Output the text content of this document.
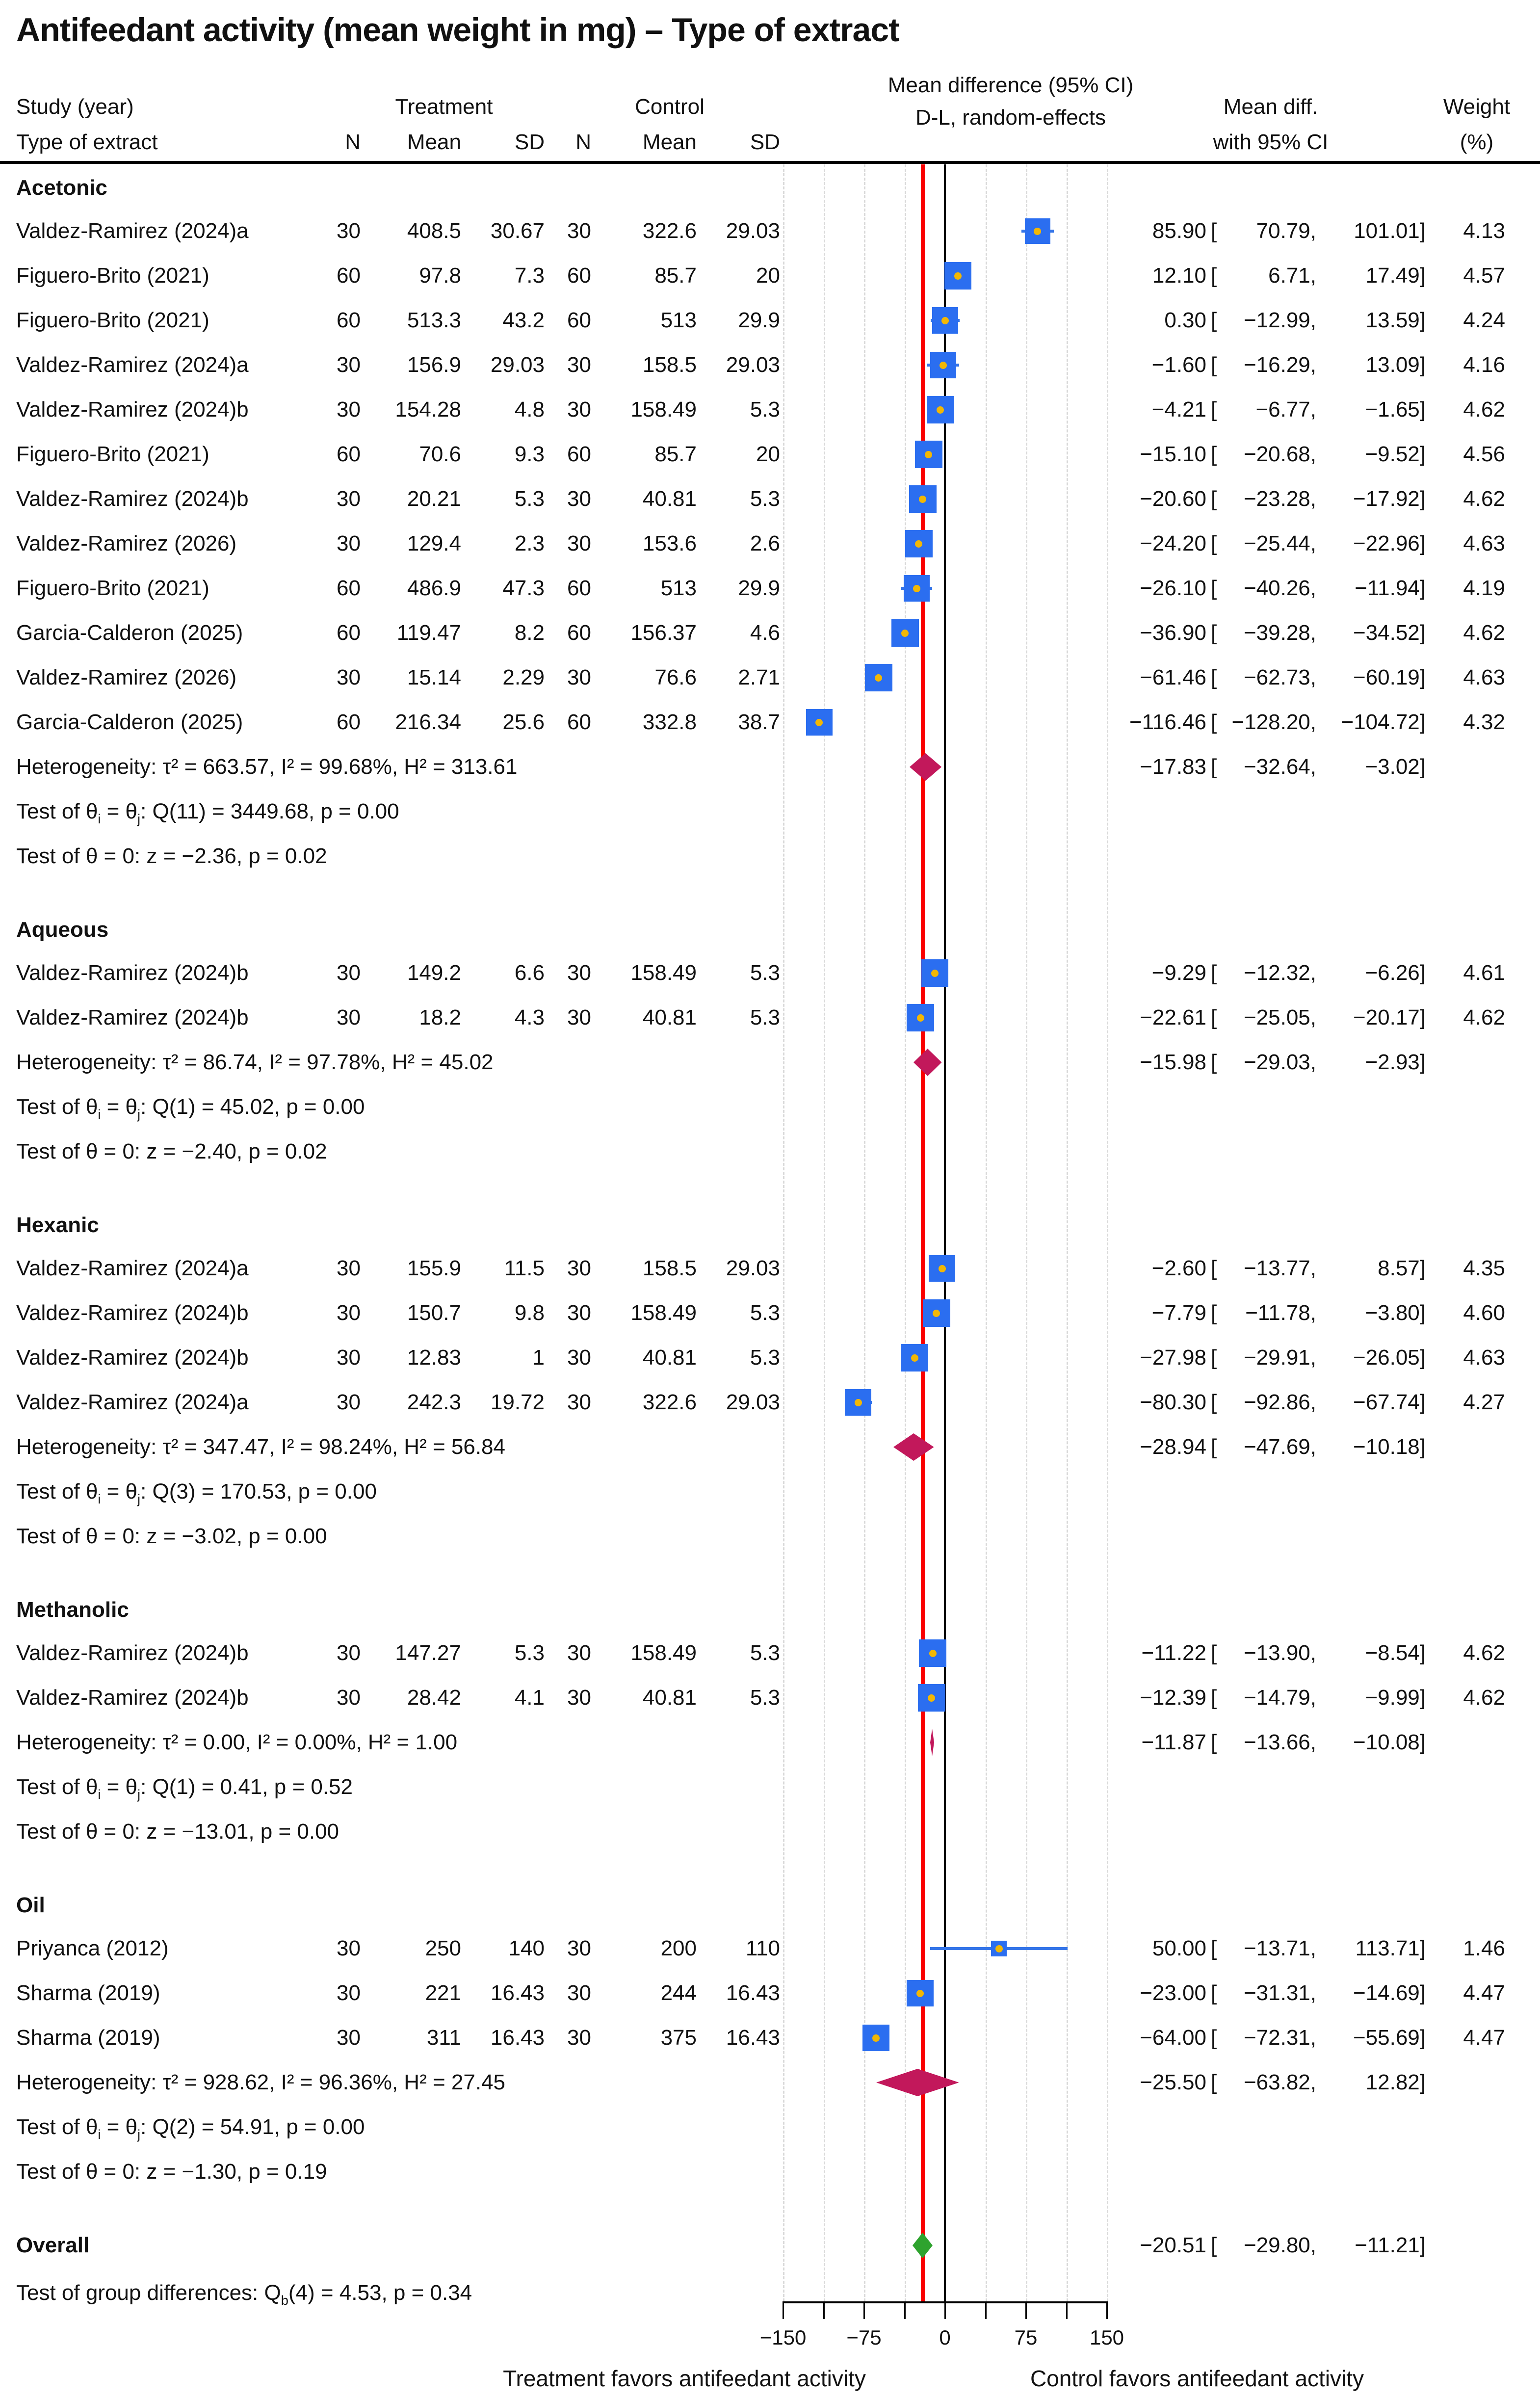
Antifeedant activity (mean weight in mg) – Type of extract
Study (year)
Type of extract
Treatment	Control
N	Mean	SD	N	Mean	SD
Mean difference (95% CI)
D-L, random-effects	Mean diff.
with 95% CI
Weight
(%)
Acetonic
Valdez-Ramirez (2024)a	30	408.5	30.67	30	322.6	29.03	85.90 [	70.79,	101.01]	4.13
Figuero-Brito (2021)	60	97.8	7.3	60	85.7	20	12.10 [	6.71,	17.49]	4.57
Figuero-Brito (2021)	60	513.3	43.2	60	513	29.9	0.30 [	−12.99,	13.59]	4.24
Valdez-Ramirez (2024)a	30	156.9	29.03	30	158.5	29.03	−1.60 [	−16.29,	13.09]	4.16
Valdez-Ramirez (2024)b	30	154.28	4.8	30	158.49	5.3	−4.21 [	−6.77,	−1.65]	4.62
Figuero-Brito (2021)	60	70.6	9.3	60	85.7	20	−15.10 [	−20.68,	−9.52]	4.56
Valdez-Ramirez (2024)b	30	20.21	5.3	30	40.81	5.3	−20.60 [	−23.28,	−17.92]	4.62
Valdez-Ramirez (2026)	30	129.4	2.3	30	153.6	2.6	−24.20 [	−25.44,	−22.96]	4.63
Figuero-Brito (2021)	60	486.9	47.3	60	513	29.9	−26.10 [	−40.26,	−11.94]	4.19
Garcia-Calderon (2025)	60	119.47	8.2	60	156.37	4.6	−36.90 [	−39.28,	−34.52]	4.62
Valdez-Ramirez (2026)	30	15.14	2.29	30	76.6	2.71	−61.46 [	−62.73,	−60.19]	4.63
Garcia-Calderon (2025)	60	216.34	25.6	60	332.8	38.7	−116.46 [ −128.20,	−104.72]	4.32
Heterogeneity: τ² = 663.57, I² = 99.68%, H² = 313.61	−17.83 [	−32.64,	−3.02]
Test of $\theta_i = \theta_j$: Q(11) = 3449.68, p = 0.00
Test of θ = 0: z = −2.36, p = 0.02
Aqueous
Valdez-Ramirez (2024)b	30	149.2	6.6	30	158.49	5.3	−9.29 [	−12.32,	−6.26]	4.61
Valdez-Ramirez (2024)b	30	18.2	4.3	30	40.81	5.3	−22.61 [	−25.05,	−20.17]	4.62
Heterogeneity: τ² = 86.74, I² = 97.78%, H² = 45.02	−15.98 [	−29.03,	−2.93]
Test of $\theta_i = \theta_j$: Q(1) = 45.02, p = 0.00
Test of θ = 0: z = −2.40, p = 0.02
Hexanic
Valdez-Ramirez (2024)a	30	155.9	11.5	30	158.5	29.03	−2.60 [	−13.77,	8.57]	4.35
Valdez-Ramirez (2024)b	30	150.7	9.8	30	158.49	5.3	−7.79 [	−11.78,	−3.80]	4.60
Valdez-Ramirez (2024)b	30	12.83	1	30	40.81	5.3	−27.98 [	−29.91,	−26.05]	4.63
Valdez-Ramirez (2024)a	30	242.3	19.72	30	322.6	29.03	−80.30 [	−92.86,	−67.74]	4.27
Heterogeneity: τ² = 347.47, I² = 98.24%, H² = 56.84	−28.94 [	−47.69,	−10.18]
Test of $\theta_i = \theta_j$: Q(3) = 170.53, p = 0.00
Test of θ = 0: z = −3.02, p = 0.00
Methanolic
Valdez-Ramirez (2024)b	30	147.27	5.3	30	158.49	5.3	−11.22 [	−13.90,	−8.54]	4.62
Valdez-Ramirez (2024)b	30	28.42	4.1	30	40.81	5.3	−12.39 [	−14.79,	−9.99]	4.62
Heterogeneity: τ² = 0.00, I² = 0.00%, H² = 1.00	−11.87 [	−13.66,	−10.08]
Test of $\theta_i = \theta_j$: Q(1) = 0.41, p = 0.52
Test of θ = 0: z = −13.01, p = 0.00
Oil
Priyanca (2012)	30	250	140	30	200	110	50.00 [	−13.71,	113.71]	1.46
Sharma (2019)	30	221	16.43	30	244	16.43	−23.00 [	−31.31,	−14.69]	4.47
Sharma (2019)	30	311	16.43	30	375	16.43	−64.00 [	−72.31,	−55.69]	4.47
Heterogeneity: τ² = 928.62, I² = 96.36%, H² = 27.45	−25.50 [	−63.82,	12.82]
Test of $\theta_i = \theta_j$: Q(2) = 54.91, p = 0.00
Test of θ = 0: z = −1.30, p = 0.19
Overall	−20.51 [	−29.80,	−11.21]
Test of group differences: $Q_b(4) = 4.53$, p = 0.34
−150 −75	0	75	150
Treatment favors antifeedant activity	Control favors antifeedant activity
